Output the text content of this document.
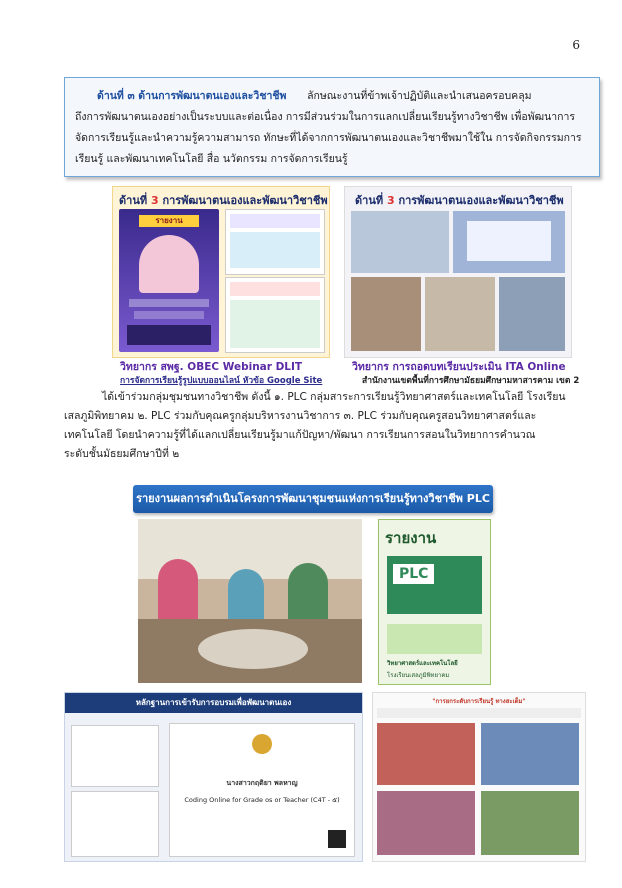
6
ด้านที่ ๓ ด้านการพัฒนาตนเองและวิชาชีพ ลักษณะงานที่ข้าพเจ้าปฏิบัติและนำเสนอครอบคลุม
ถึงการพัฒนาตนเองอย่างเป็นระบบและต่อเนื่อง การมีส่วนร่วมในการแลกเปลี่ยนเรียนรู้ทางวิชาชีพ เพื่อพัฒนาการ
จัดการเรียนรู้และนำความรู้ความสามารถ ทักษะที่ได้จากการพัฒนาตนเองและวิชาชีพมาใช้ใน การจัดกิจกรรมการ
เรียนรู้ และพัฒนาเทคโนโลยี สื่อ นวัตกรรม การจัดการเรียนรู้
ด้านที่ 3 การพัฒนาตนเองและพัฒนาวิชาชีพ
รายงาน
วิทยากร สพฐ. OBEC Webinar DLIT
การจัดการเรียนรู้รูปแบบออนไลน์ หัวข้อ Google Site
ด้านที่ 3 การพัฒนาตนเองและพัฒนาวิชาชีพ
วิทยากร การถอดบทเรียนประเมิน ITA Online
สำนักงานเขตพื้นที่การศึกษามัธยมศึกษามหาสารคาม เขต 2
ได้เข้าร่วมกลุ่มชุมชนทางวิชาชีพ ดังนี้ ๑. PLC กลุ่มสาระการเรียนรู้วิทยาศาสตร์และเทคโนโลยี โรงเรียน
เสลภูมิพิทยาคม ๒. PLC ร่วมกับคุณครูกลุ่มบริหารงานวิชาการ ๓. PLC ร่วมกับคุณครูสอนวิทยาศาสตร์และ
เทคโนโลยี โดยนำความรู้ที่ได้แลกเปลี่ยนเรียนรู้มาแก้ปัญหา/พัฒนา การเรียนการสอนในวิทยาการคำนวณ
ระดับชั้นมัธยมศึกษาปีที่ ๒
รายงานผลการดำเนินโครงการพัฒนาชุมชนแห่งการเรียนรู้ทางวิชาชีพ PLC
รายงาน
PLC
วิทยาศาสตร์และเทคโนโลยี
โรงเรียนเสลภูมิพิทยาคม
หลักฐานการเข้ารับการอบรมเพื่อพัฒนาตนเอง
นางสาวกฤติยา พลหาญ
Coding Online for Grade os or Teacher (C4T - ๕)
"การยกระดับการเรียนรู้ ทางสะเต็ม"
